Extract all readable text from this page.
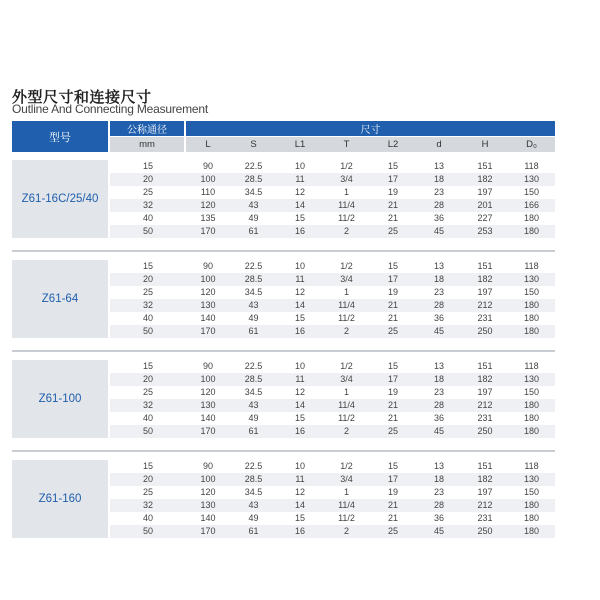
外型尺寸和连接尺寸
Outline And Connecting Measurement
型号	公称通径	尺寸							
	mm	L	S	L1	T	L2	d	H	D₀

Z61-16C/25/40	15	90	22.5	10	1/2	15	13	151	118
	20	100	28.5	11	3/4	17	18	182	130
	25	110	34.5	12	1	19	23	197	150
	32	120	43	14	11/4	21	28	201	166
	40	135	49	15	11/2	21	36	227	180
	50	170	61	16	2	25	45	253	180

Z61-64	15	90	22.5	10	1/2	15	13	151	118
	20	100	28.5	11	3/4	17	18	182	130
	25	120	34.5	12	1	19	23	197	150
	32	130	43	14	11/4	21	28	212	180
	40	140	49	15	11/2	21	36	231	180
	50	170	61	16	2	25	45	250	180

Z61-100	15	90	22.5	10	1/2	15	13	151	118
	20	100	28.5	11	3/4	17	18	182	130
	25	120	34.5	12	1	19	23	197	150
	32	130	43	14	11/4	21	28	212	180
	40	140	49	15	11/2	21	36	231	180
	50	170	61	16	2	25	45	250	180

Z61-160	15	90	22.5	10	1/2	15	13	151	118
	20	100	28.5	11	3/4	17	18	182	130
	25	120	34.5	12	1	19	23	197	150
	32	130	43	14	11/4	21	28	212	180
	40	140	49	15	11/2	21	36	231	180
	50	170	61	16	2	25	45	250	180
